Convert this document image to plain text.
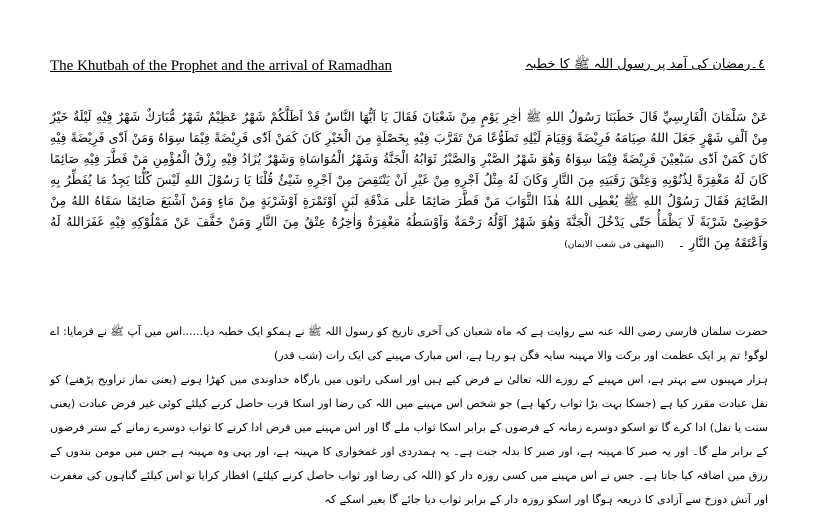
The Khutbah of the Prophet and the arrival of Ramadhan	٤۔رمضان کی آمد پر رسول اللہ ﷺ کا خطبہ
عَنْ سَلْمَانَ الْفَارِسِيِّ قَالَ خَطَبَنَا رَسُولُ اللهِ ﷺ اٰخِرِ يَوْمٍ مِنْ شَعْبَانَ فَقَالَ يَا اَيُّهَا النَّاسُ قَدْ اَظَلَّكُمْ شَهْرٌ عَظِيْمٌ شَهْرٌ مُّبَارَكٌ شَهْرٌ فِيْهِ لَيْلَةٌ خَيْرٌ مِنْ اَلْفِ شَهْرٍ جَعَلَ اللهُ صِيَامَهُ فَرِيْضَةً وَقِيَامَ لَيْلِهِ تَطَوُّعًا مَنْ تَقَرَّبَ فِيْهِ بِخَصْلَةٍ مِنَ الْخَيْرِ كَانَ كَمَنْ اَدّٰى فَرِيْضَةً فِيْمَا سِوَاهُ وَمَنْ اَدّٰى فَرِيْضَةً فِيْهِ كَانَ كَمَنْ اَدّٰى سَبْعِيْنَ فَرِيْضَةً فِيْمَا سِوَاهُ وَهُوَ شَهْرُ الصَّبْرِ وَالصَّبْرُ ثَوَابُهُ الْجَنَّةُ وَشَهْرُ الْمُوَاسَاةِ وَشَهْرٌ يُزَادُ فِيْهِ رِزْقُ الْمُؤْمِنِ مَنْ فَطَّرَ فِيْهِ صَائِمًا كَانَ لَهُ مَغْفِرَةً لِذُنُوْبِهِ وَعِتْقَ رَقَبَتِهِ مِنَ النَّارِ وَكَانَ لَهُ مِثْلُ اَجْرِهِ مِنْ غَيْرِ اَنْ يَنْتَقِصَ مِنْ اَجْرِهِ شَيْئٌ قُلْنَا يَا رَسُوْلَ اللهِ لَيْسَ كُلُّنَا يَجِدُ مَا يُفَطِّرُ بِهِ الصَّائِمَ فَقَالَ رَسُوْلُ اللهِ ﷺ يُعْطِى اللهُ هٰذَا الثَّوَابَ مَنْ فَطَّرَ صَائِمًا عَلٰى مَذْقَةِ لَبَنٍ اَوْتَمْرَةٍ اَوْشَرْبَةٍ مِنْ مَاءٍ وَمَنْ اَشْبَعَ صَائِمًا سَقَاهُ اللهُ مِنْ حَوْضِىْ شَرْبَةً لَا يَظْمَأُ حَتّٰى يَدْخُلَ الْجَنَّةَ وَهُوَ شَهْرٌ اَوَّلُهُ رَحْمَةٌ وَاَوْسَطُهُ مَغْفِرَةٌ وَاٰخِرُهُ عِتْقٌ مِنَ النَّارِ وَمَنْ خَفَّفَ عَنْ مَمْلُوْكِهِ فِيْهِ غَفَرَاللهُ لَهُ وَاَعْتَقَهُ مِنَ النَّارِ ۔ (البیهقی فی شعب الایمان)

حضرت سلمان فارسی رضی اللہ عنہ سے روایت ہے کہ ماہ شعبان کی آخری تاریخ کو رسول اللہ ﷺ نے ہمکو ایک خطبہ دیا......اس میں آپ ﷺ نے فرمایا: اے لوگو! تم پر ایک عظمت اور برکت والا مہینہ سایہ فگن ہو رہا ہے، اس مبارک مہینے کی ایک رات (شب قدر)

ہزار مہینوں سے بہتر ہے، اس مہینے کے روزے اللہ تعالیٰ نے فرض کیے ہیں اور اسکی راتوں میں بارگاہ خداوندی میں کھڑا ہونے (یعنی نماز تراویح پڑھنے) کو نفل عبادت مقرر کیا ہے (جسکا بہت بڑا ثواب رکھا ہے) جو شخص اس مہینے میں اللہ کی رضا اور اسکا قرب حاصل کرنے کیلئے کوئی غیر فرض عبادت (یعنی سنت یا نفل) ادا کرے گا تو اسکو دوسرے زمانہ کے فرضوں کے برابر اسکا ثواب ملے گا اور اس مہینے میں فرض ادا کرنے کا ثواب دوسرے زمانے کے ستر فرضوں کے برابر ملے گا۔ اور یہ صبر کا مہینہ ہے، اور صبر کا بدلہ جنت ہے۔ یہ ہمدردی اور غمخواری کا مہینہ ہے، اور یہی وہ مہینہ ہے جس میں مومن بندوں کے رزق میں اضافہ کیا جاتا ہے۔ جس نے اس مہینے میں کسی روزہ دار کو (اللہ کی رضا اور ثواب حاصل کرنے کیلئے) افطار کرایا تو اس کیلئے گناہوں کی مغفرت اور آتش دوزخ سے آزادی کا ذریعہ ہوگا اور اسکو روزہ دار کے برابر ثواب دیا جائے گا بغیر اسکے کہ
